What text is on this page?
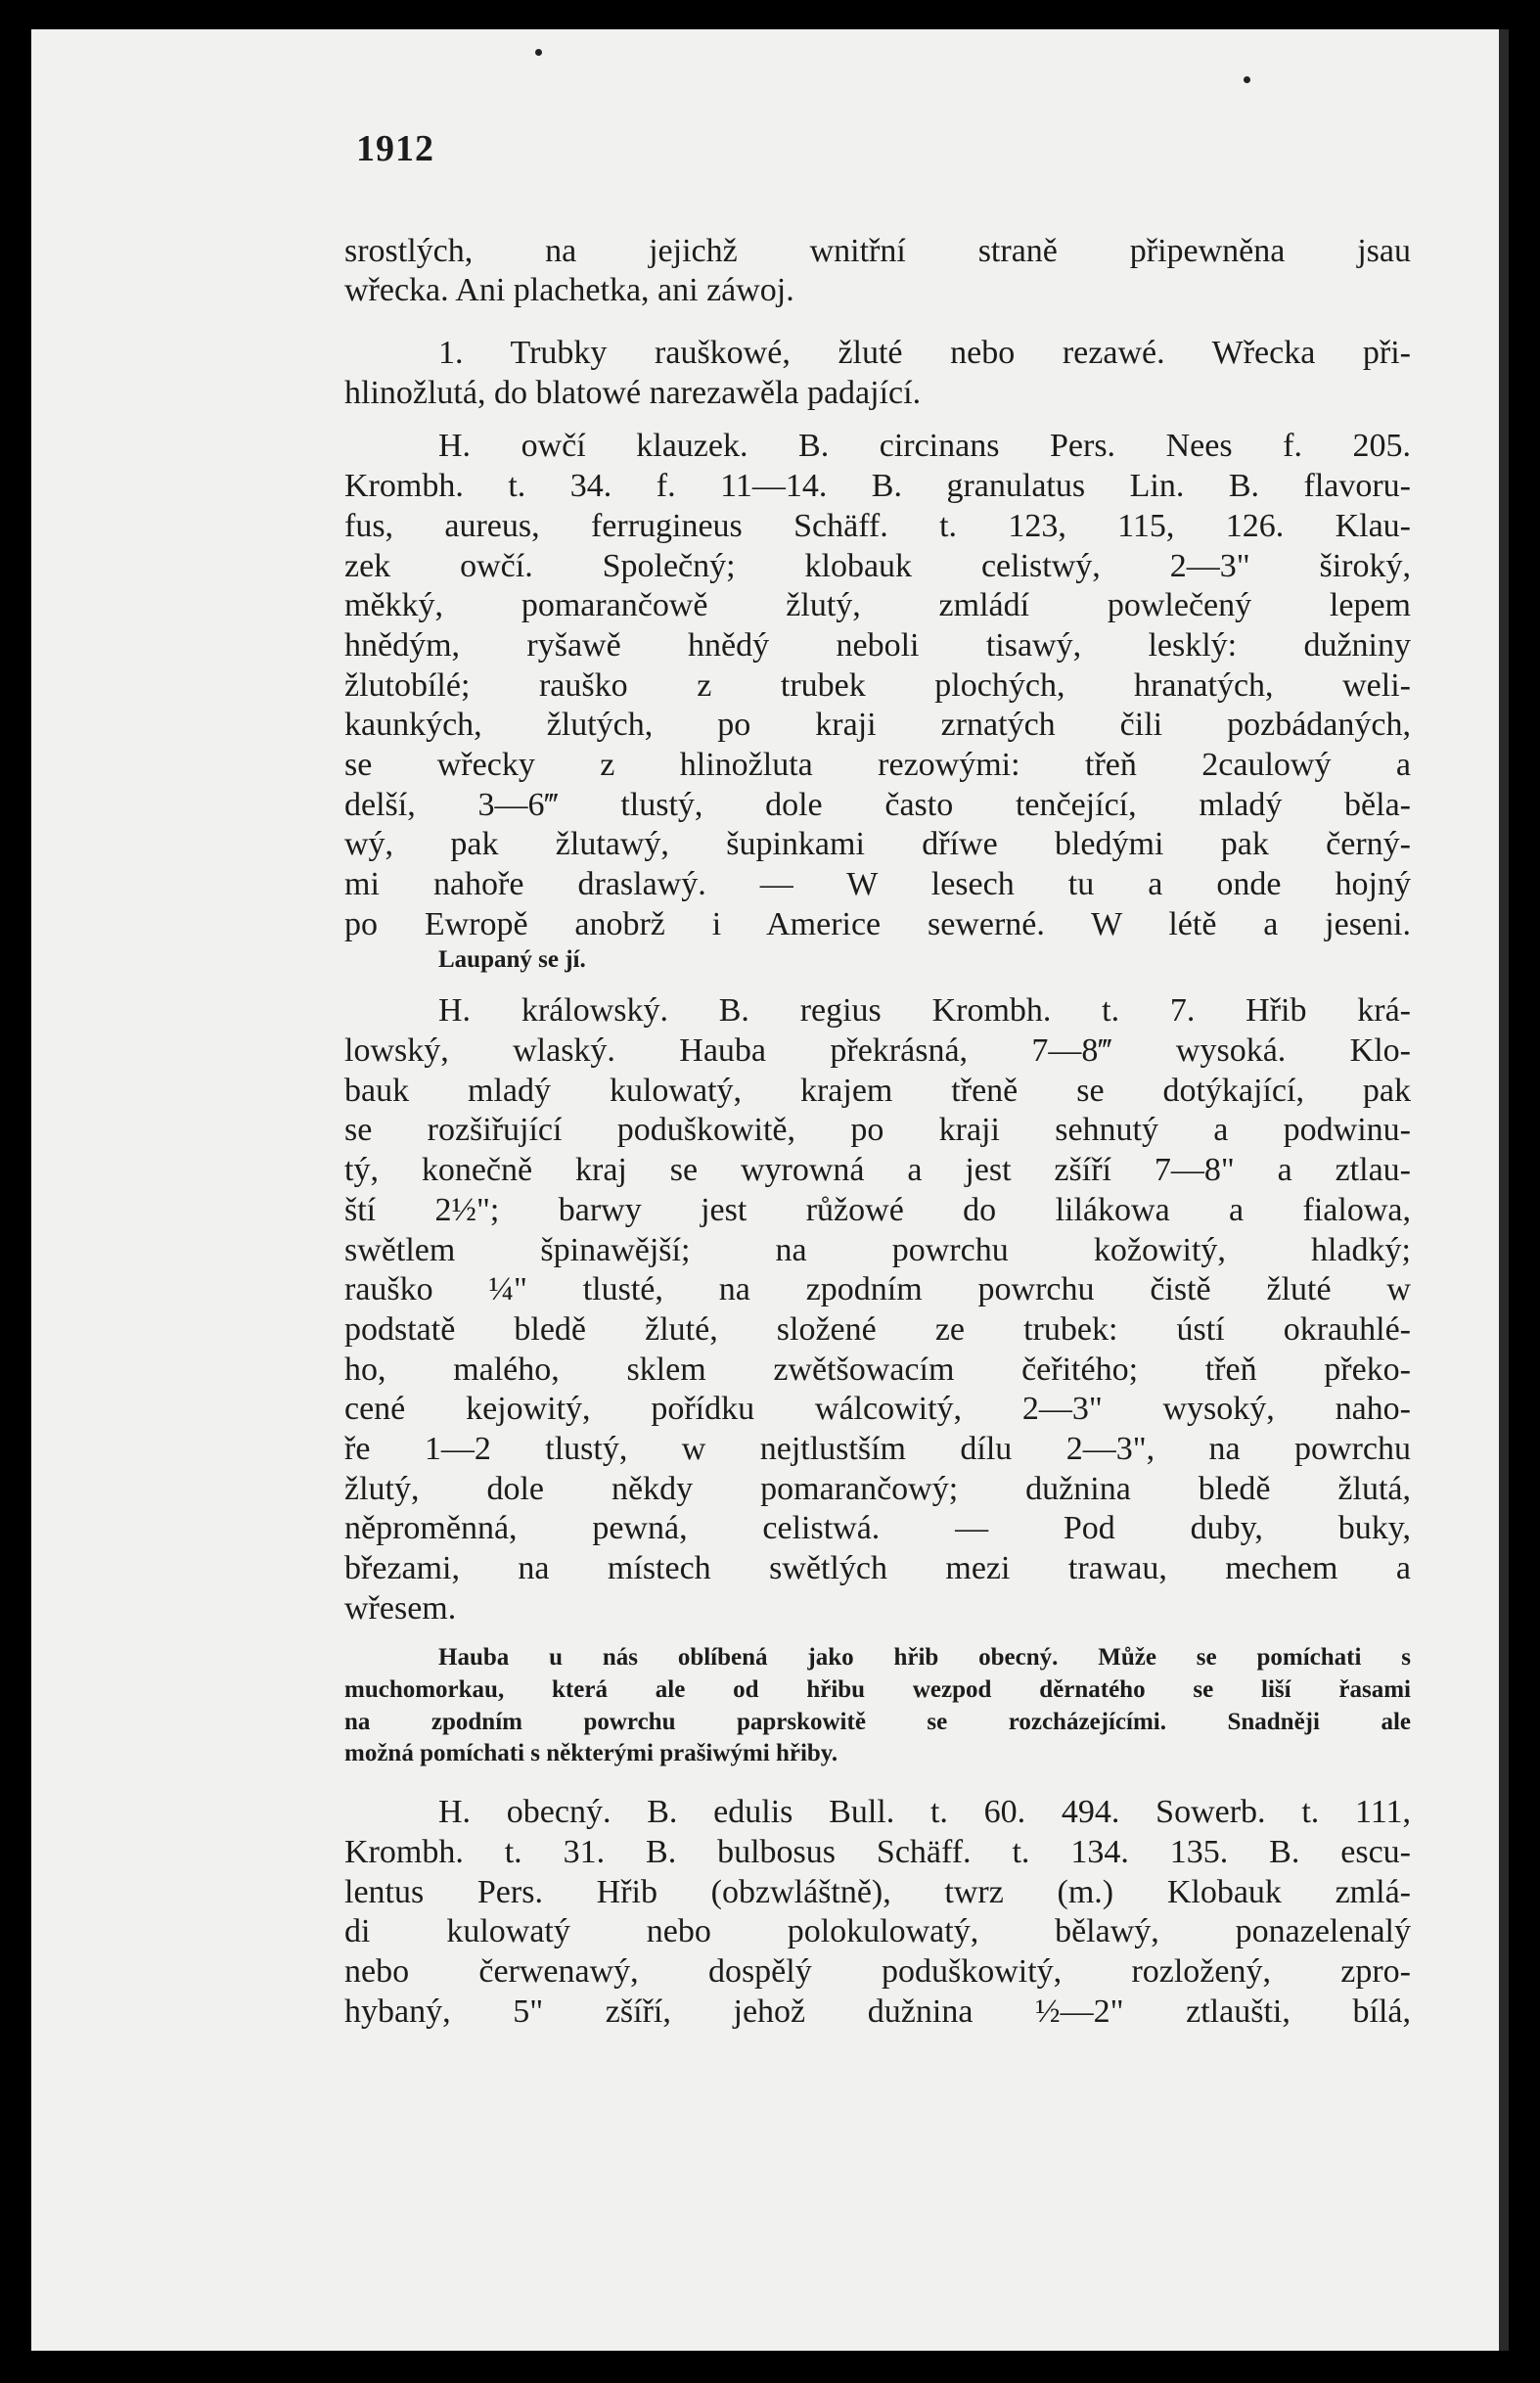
1912
srostlých, na jejichž wnitřní straně připewněna jsau
wřecka. Ani plachetka, ani záwoj.
1. Trubky rauškowé, žluté nebo rezawé. Wřecka při-
hlinožlutá, do blatowé narezawěla padající.
H. owčí klauzek. B. circinans Pers. Nees f. 205.
Krombh. t. 34. f. 11—14. B. granulatus Lin. B. flavoru-
fus, aureus, ferrugineus Schäff. t. 123, 115, 126. Klau-
zek owčí. Společný; klobauk celistwý, 2—3" široký,
měkký, pomarančowě žlutý, zmládí powlečený lepem
hnědým, ryšawě hnědý neboli tisawý, lesklý: dužniny
žlutobílé; rauško z trubek plochých, hranatých, weli-
kaunkých, žlutých, po kraji zrnatých čili pozbádaných,
se wřecky z hlinožluta rezowými: třeň 2caulowý a
delší, 3—6‴ tlustý, dole často tenčející, mladý běla-
wý, pak žlutawý, šupinkami dříwe bledými pak černý-
mi nahoře draslawý. — W lesech tu a onde hojný
po Ewropě anobrž i Americe sewerné. W létě a jeseni.
Laupaný se jí.
H. králowský. B. regius Krombh. t. 7. Hřib krá-
lowský, wlaský. Hauba překrásná, 7—8‴ wysoká. Klo-
bauk mladý kulowatý, krajem třeně se dotýkající, pak
se rozšiřující poduškowitě, po kraji sehnutý a podwinu-
tý, konečně kraj se wyrowná a jest zšíří 7—8" a ztlau-
ští 2½"; barwy jest růžowé do lilákowa a fialowa,
swětlem špinawější; na powrchu kožowitý, hladký;
rauško ¼" tlusté, na zpodním powrchu čistě žluté w
podstatě bledě žluté, složené ze trubek: ústí okrauhlé-
ho, malého, sklem zwětšowacím čeřitého; třeň překo-
cené kejowitý, pořídku wálcowitý, 2—3" wysoký, naho-
ře 1—2 tlustý, w nejtlustším dílu 2—3", na powrchu
žlutý, dole někdy pomarančowý; dužnina bledě žlutá,
něproměnná, pewná, celistwá. — Pod duby, buky,
březami, na místech swětlých mezi trawau, mechem a
wřesem.
Hauba u nás oblíbená jako hřib obecný. Může se pomíchati s
muchomorkau, která ale od hřibu wezpod děrnatého se liší řasami
na zpodním powrchu paprskowitě se rozcházejícími. Snadněji ale
možná pomíchati s některými prašiwými hřiby.
H. obecný. B. edulis Bull. t. 60. 494. Sowerb. t. 111,
Krombh. t. 31. B. bulbosus Schäff. t. 134. 135. B. escu-
lentus Pers. Hřib (obzwláštně), twrz (m.) Klobauk zmlá-
di kulowatý nebo polokulowatý, bělawý, ponazelenalý
nebo čerwenawý, dospělý poduškowitý, rozložený, zpro-
hybaný, 5" zšíří, jehož dužnina ½—2" ztlaušti, bílá,
